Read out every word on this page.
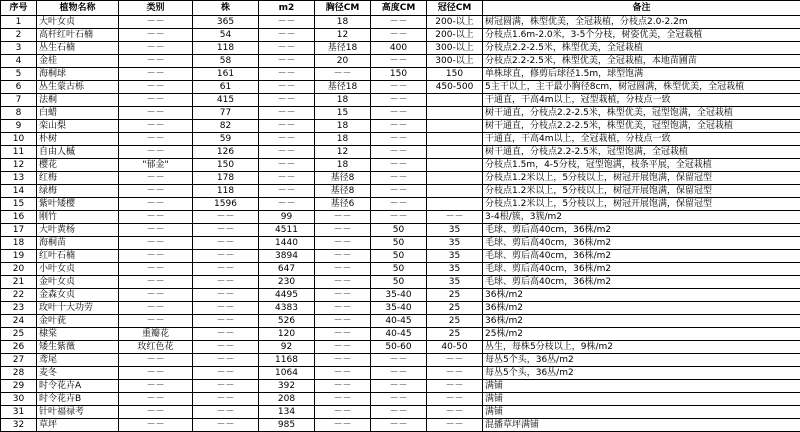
序号	植物名称	类别	株	m2	胸径CM	高度CM	冠径CM	备注
1	大叶女贞	－－	365	－－	18	－－	200-以上	树冠圆满，株型优美，全冠栽植，分枝点2.0-2.2m
2	高杆红叶石楠	－－	54	－－	12	－－	200-以上	分枝点1.6m-2.0米，3-5个分枝，树姿优美，全冠栽植
3	丛生石楠	－－	118	－－	基径18	400	300-以上	分枝点2.2-2.5米，株型优美，全冠栽植
4	金桂	－－	58	－－	20	－－	300-以上	分枝点2.2-2.5米，株型优美，全冠栽植，本地苗圃苗
5	海桐球	－－	161	－－	－－	150	150	单株球直，修剪后球径1.5m，球型饱满
6	丛生蒙古栎	－－	61	－－	基径18	－－	450-500	5主干以上，主干最小胸径8cm，树冠圆满，株型优美，全冠栽植
7	法桐	－－	415	－－	18	－－		干通直，干高4m以上，冠型栽植，分枝点一致
8	白蜡	－－	77	－－	15	－－		树干通直，分枝点2.2-2.5米，株型优美，冠型饱满，全冠栽植
9	栾山梨	－－	82	－－	18	－－		树干通直，分枝点2.2-2.5米，株型优美，冠型饱满，全冠栽植
10	朴树	－－	59	－－	18	－－		干通直，干高4m以上，全冠栽植，分枝点一致
11	自由人槭	－－	126	－－	12	－－		树干通直，分枝点2.2-2.5米，冠型饱满，全冠栽植
12	樱花	"郁金"	150	－－	18	－－		分枝点1.5m，4-5分枝，冠型饱满，枝条平展，全冠栽植
13	红梅	－－	178	－－	基径8	－－		分枝点1.2米以上，5分枝以上，树冠开展饱满，保留冠型
14	绿梅	－－	118	－－	基径8	－－		分枝点1.2米以上，5分枝以上，树冠开展饱满，保留冠型
15	紫叶矮樱	－－	1596	－－	基径6	－－		分枝点1.2米以上，5分枝以上，树冠开展饱满，保留冠型
16	刚竹	－－	－－	99	－－	－－	－－	3-4根/簇，3簇/m2
17	大叶黄杨	－－	－－	4511	－－	50	35	毛球、剪后高40cm，36株/m2
18	海桐苗	－－	－－	1440	－－	50	35	毛球、剪后高40cm，36株/m2
19	红叶石楠	－－	－－	3894	－－	50	35	毛球、剪后高40cm，36株/m2
20	小叶女贞	－－	－－	647	－－	50	35	毛球、剪后高40cm，36株/m2
21	金叶女贞	－－	－－	230	－－	50	35	毛球、剪后高40cm，36株/m2
22	金森女贞	－－	－－	4495	－－	35-40	25	36株/m2
23	玫叶十大功劳	－－	－－	4383	－－	35-40	25	36株/m2
24	金叶莸	－－	－－	526	－－	40-45	25	36株/m2
25	棣棠	重瓣花	－－	120	－－	40-45	25	25株/m2
26	矮生紫薇	玫红色花	－－	92	－－	50-60	40-50	丛生，每株5分枝以上，9株/m2
27	鸢尾	－－	－－	1168	－－	－－	－－	每丛5个头，36丛/m2
28	麦冬	－－	－－	1064	－－	－－	－－	每丛5个头，36丛/m2
29	时令花卉A	－－	－－	392	－－	－－	－－	满铺
30	时令花卉B	－－	－－	208	－－	－－	－－	满铺
31	针叶福禄考	－－	－－	134	－－	－－	－－	满铺
32	草坪	－－	－－	985	－－	－－	－－	混播草坪满铺
